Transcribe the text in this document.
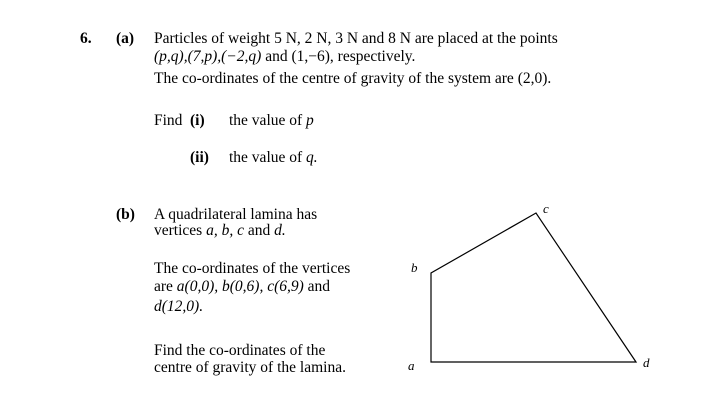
6. (a) Particles of weight 5 N, 2 N, 3 N and 8 N are placed at the points
(p,q),(7,p),(−2,q) and (1,−6), respectively.
The co-ordinates of the centre of gravity of the system are (2,0).
Find (i) the value of p
(ii) the value of q.
(b) A quadrilateral lamina has
vertices a, b, c and d.
The co-ordinates of the vertices
are a(0,0), b(0,6), c(6,9) and
d(12,0).
Find the co-ordinates of the
centre of gravity of the lamina.
c
b
a	d
